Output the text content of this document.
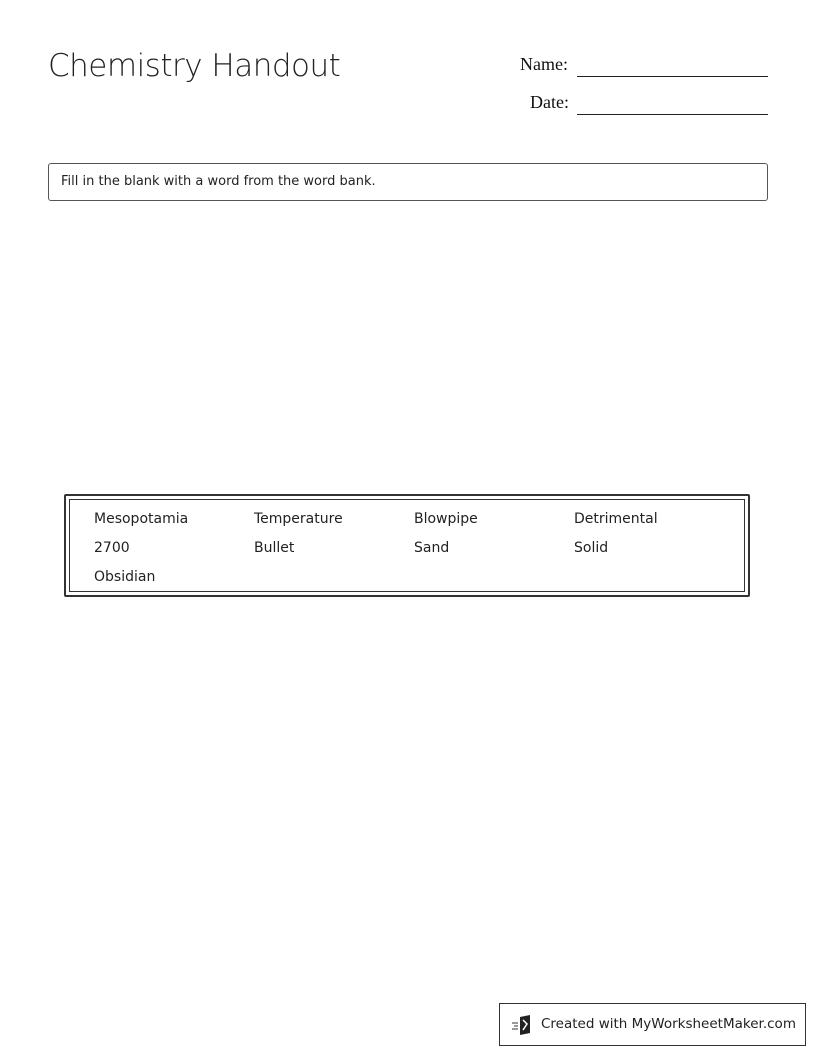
Chemistry Handout	Name:
Date:
Fill in the blank with a word from the word bank.
Mesopotamia	Temperature	Blowpipe	Detrimental
2700	Bullet	Sand	Solid
Obsidian
Created with MyWorksheetMaker.com
